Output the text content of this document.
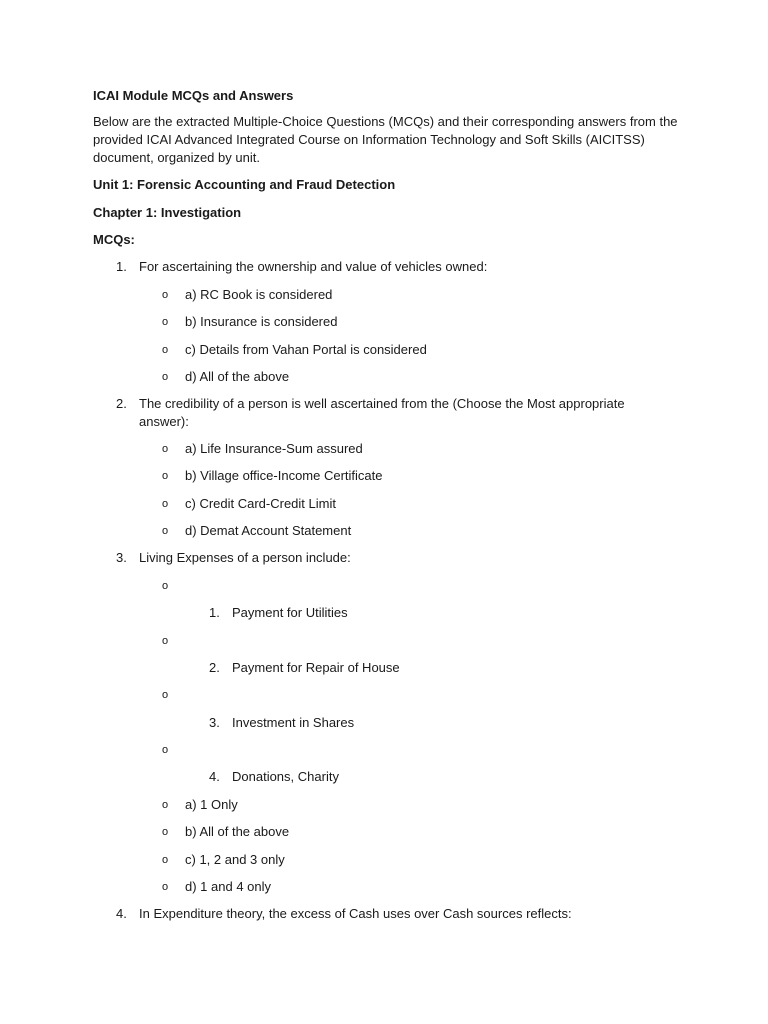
ICAI Module MCQs and Answers
Below are the extracted Multiple-Choice Questions (MCQs) and their corresponding answers from the provided ICAI Advanced Integrated Course on Information Technology and Soft Skills (AICITSS) document, organized by unit.
Unit 1: Forensic Accounting and Fraud Detection
Chapter 1: Investigation
MCQs:
1. For ascertaining the ownership and value of vehicles owned:
o a) RC Book is considered
o b) Insurance is considered
o c) Details from Vahan Portal is considered
o d) All of the above
2. The credibility of a person is well ascertained from the (Choose the Most appropriate
answer):
o a) Life Insurance-Sum assured
o b) Village office-Income Certificate
o c) Credit Card-Credit Limit
o d) Demat Account Statement
3. Living Expenses of a person include:
o
1. Payment for Utilities
o
2. Payment for Repair of House
o
3. Investment in Shares
o
4. Donations, Charity
o a) 1 Only
o b) All of the above
o c) 1, 2 and 3 only
o d) 1 and 4 only
4. In Expenditure theory, the excess of Cash uses over Cash sources reflects:
